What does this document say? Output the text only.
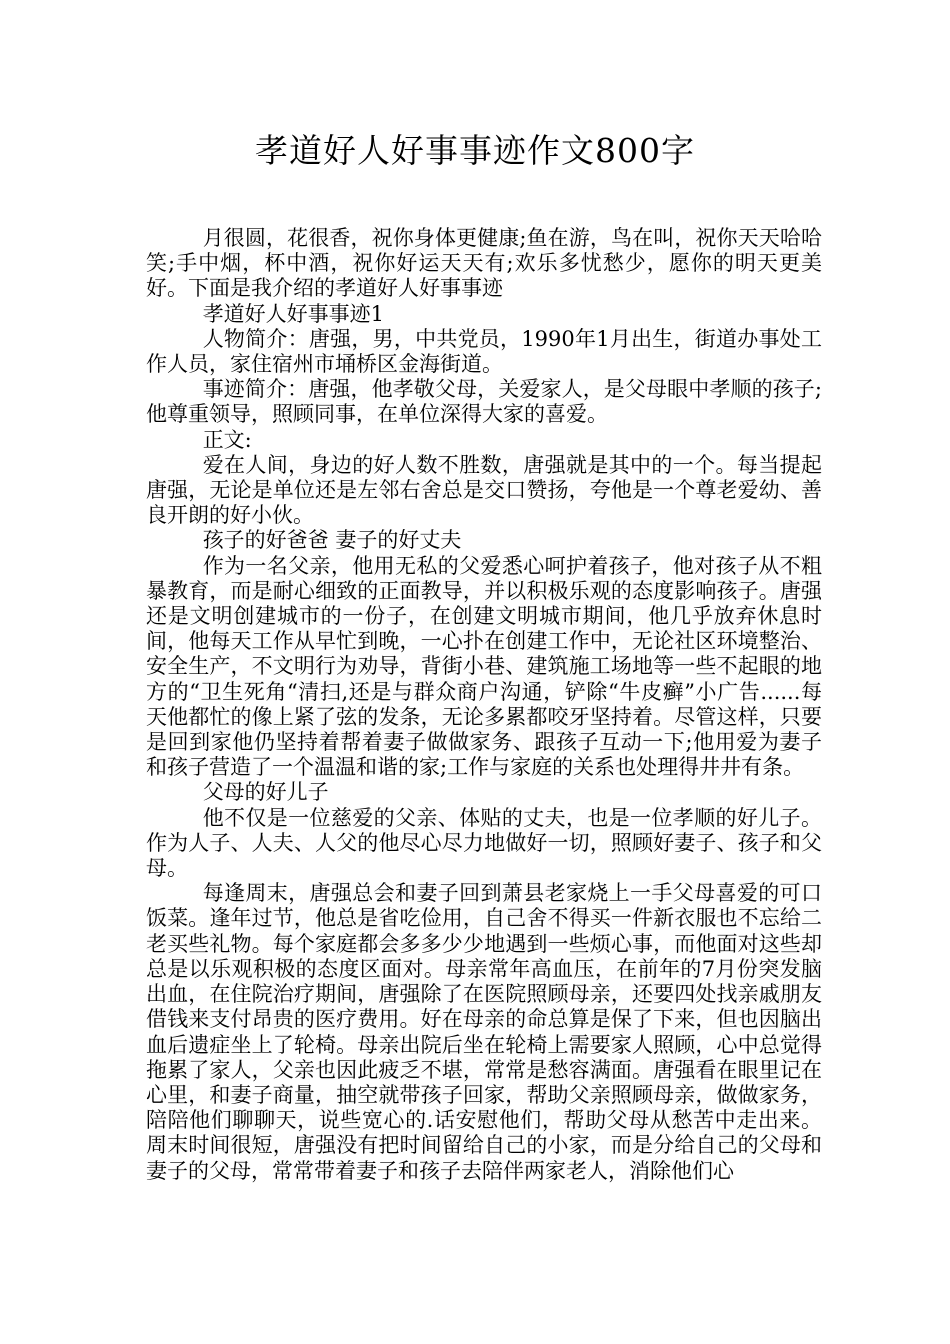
孝道好人好事事迹作文800字

月很圆，花很香，祝你身体更健康;鱼在游，鸟在叫，祝你天天哈哈笑;手中烟，杯中酒，祝你好运天天有;欢乐多忧愁少，愿你的明天更美好。下面是我介绍的孝道好人好事事迹

孝道好人好事事迹1

人物简介：唐强，男，中共党员，1990年1月出生，街道办事处工作人员，家住宿州市埇桥区金海街道。

事迹简介：唐强，他孝敬父母，关爱家人，是父母眼中孝顺的孩子;他尊重领导，照顾同事，在单位深得大家的喜爱。

正文:

爱在人间，身边的好人数不胜数，唐强就是其中的一个。每当提起唐强，无论是单位还是左邻右舍总是交口赞扬，夸他是一个尊老爱幼、善良开朗的好小伙。

孩子的好爸爸 妻子的好丈夫

作为一名父亲，他用无私的父爱悉心呵护着孩子，他对孩子从不粗暴教育，而是耐心细致的正面教导，并以积极乐观的态度影响孩子。唐强还是文明创建城市的一份子，在创建文明城市期间，他几乎放弃休息时间，他每天工作从早忙到晚，一心扑在创建工作中，无论社区环境整治、安全生产，不文明行为劝导，背街小巷、建筑施工场地等一些不起眼的地方的“卫生死角“清扫,还是与群众商户沟通，铲除“牛皮癣”小广告......每天他都忙的像上紧了弦的发条，无论多累都咬牙坚持着。尽管这样，只要是回到家他仍坚持着帮着妻子做做家务、跟孩子互动一下;他用爱为妻子和孩子营造了一个温温和谐的家;工作与家庭的关系也处理得井井有条。

父母的好儿子

他不仅是一位慈爱的父亲、体贴的丈夫，也是一位孝顺的好儿子。作为人子、人夫、人父的他尽心尽力地做好一切，照顾好妻子、孩子和父母。

每逢周末，唐强总会和妻子回到萧县老家烧上一手父母喜爱的可口饭菜。逢年过节，他总是省吃俭用，自己舍不得买一件新衣服也不忘给二老买些礼物。每个家庭都会多多少少地遇到一些烦心事，而他面对这些却总是以乐观积极的态度区面对。母亲常年高血压，在前年的7月份突发脑出血，在住院治疗期间，唐强除了在医院照顾母亲，还要四处找亲戚朋友借钱来支付昂贵的医疗费用。好在母亲的命总算是保了下来，但也因脑出血后遗症坐上了轮椅。母亲出院后坐在轮椅上需要家人照顾，心中总觉得拖累了家人，父亲也因此疲乏不堪，常常是愁容满面。唐强看在眼里记在心里，和妻子商量，抽空就带孩子回家，帮助父亲照顾母亲，做做家务，陪陪他们聊聊天，说些宽心的.话安慰他们，帮助父母从愁苦中走出来。周末时间很短，唐强没有把时间留给自己的小家，而是分给自己的父母和妻子的父母，常常带着妻子和孩子去陪伴两家老人，消除他们心
